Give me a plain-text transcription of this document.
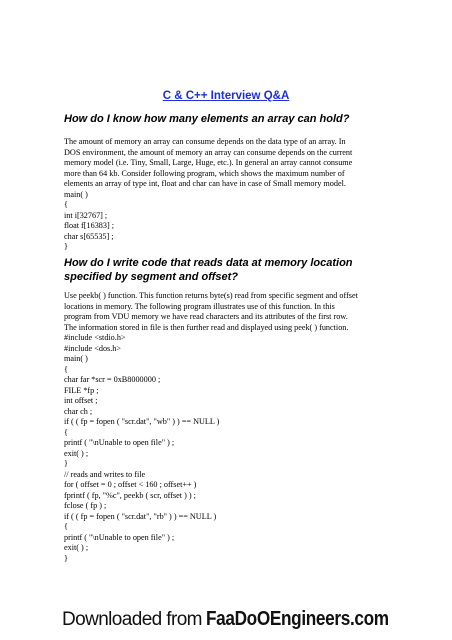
C & C++ Interview Q&A
How do I know how many elements an array can hold?
The amount of memory an array can consume depends on the data type of an array. In
DOS environment, the amount of memory an array can consume depends on the current
memory model (i.e. Tiny, Small, Large, Huge, etc.). In general an array cannot consume
more than 64 kb. Consider following program, which shows the maximum number of
elements an array of type int, float and char can have in case of Small memory model.
main( )
{
int i[32767] ;
float f[16383] ;
char s[65535] ;
}
How do I write code that reads data at memory location specified by segment and offset?
Use peekb( ) function. This function returns byte(s) read from specific segment and offset
locations in memory. The following program illustrates use of this function. In this
program from VDU memory we have read characters and its attributes of the first row.
The information stored in file is then further read and displayed using peek( ) function.
#include <stdio.h>
#include <dos.h>
main( )
{
char far *scr = 0xB8000000 ;
FILE *fp ;
int offset ;
char ch ;
if ( ( fp = fopen ( "scr.dat", "wb" ) ) == NULL )
{
printf ( "\nUnable to open file" ) ;
exit( ) ;
}
// reads and writes to file
for ( offset = 0 ; offset < 160 ; offset++ )
fprintf ( fp, "%c", peekb ( scr, offset ) ) ;
fclose ( fp ) ;
if ( ( fp = fopen ( "scr.dat", "rb" ) ) == NULL )
{
printf ( "\nUnable to open file" ) ;
exit( ) ;
}
Downloaded from FaaDoOEngineers.com
